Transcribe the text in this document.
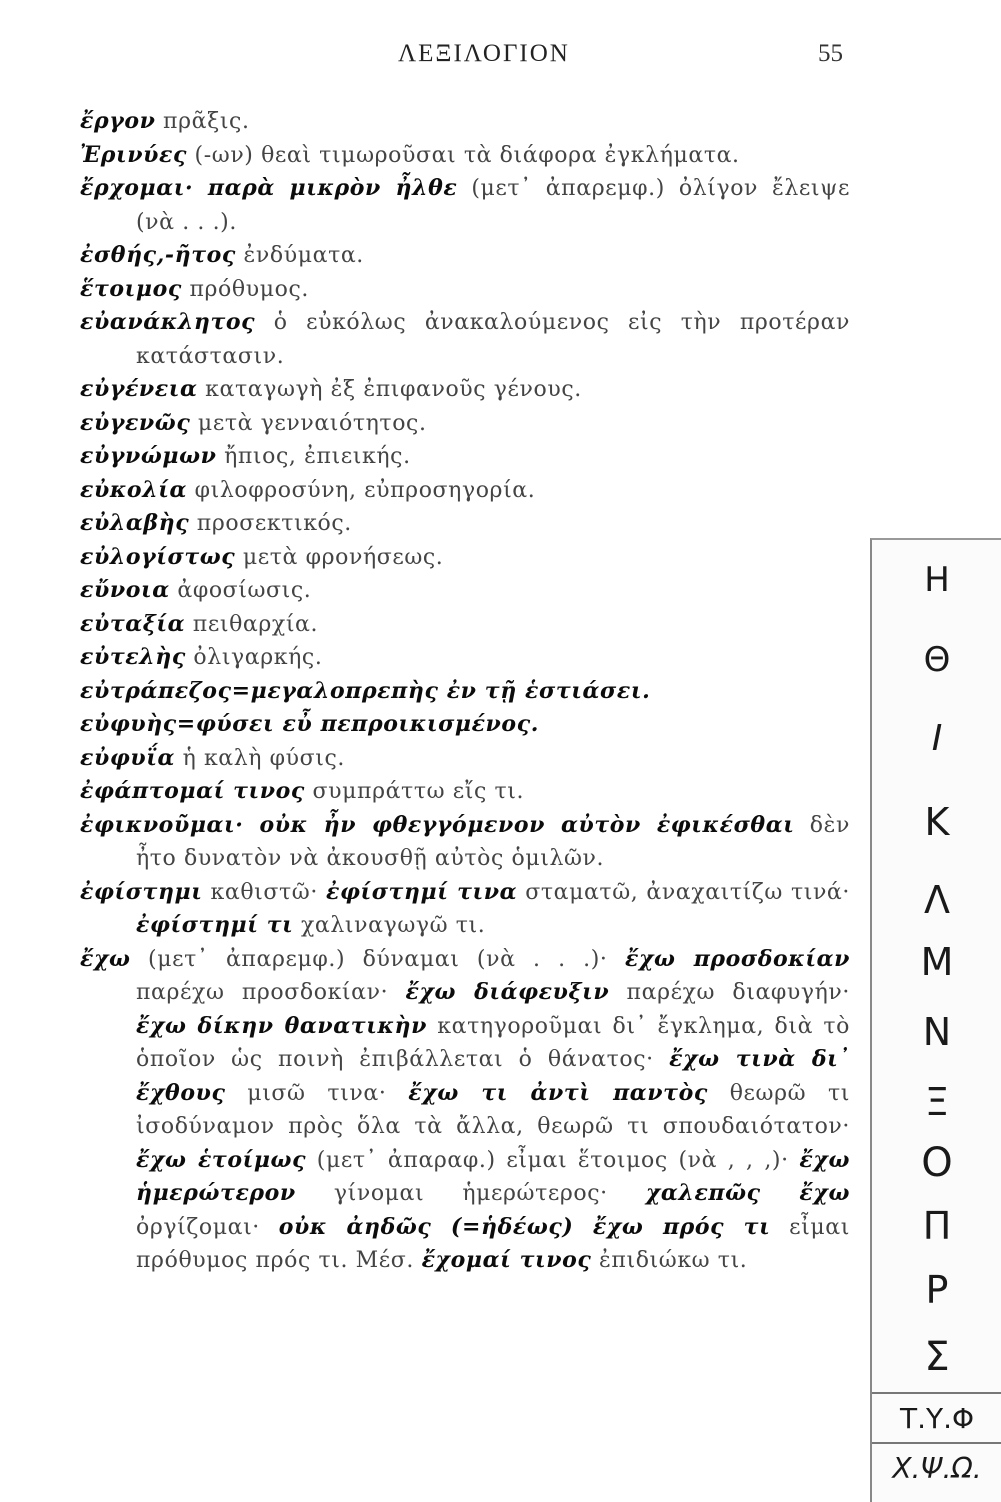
ΛΕΞΙΛΟΓΙΟΝ	55
ἔργον πρᾶξις.
Ἐρινύες (-ων) θεαὶ τιμωροῦσαι τὰ διάφορα ἐγκλήματα.
ἔρχομαι· παρὰ μικρὸν ἦλθε (μετ᾽ ἀπαρεμφ.) ὀλίγον ἔλειψε (νὰ . . .).
ἐσθής,-ῆτος ἐνδύματα.
ἕτοιμος πρόθυμος.
εὐανάκλητος ὁ εὐκόλως ἀνακαλούμενος εἰς τὴν προτέραν κατάστασιν.
εὐγένεια καταγωγὴ ἐξ ἐπιφανοῦς γένους.
εὐγενῶς μετὰ γενναιότητος.
εὐγνώμων ἤπιος, ἐπιεικής.
εὐκολία φιλοφροσύνη, εὐπροσηγορία.
εὐλαβὴς προσεκτικός.
εὐλογίστως μετὰ φρονήσεως.
εὔνοια ἀφοσίωσις.
εὐταξία πειθαρχία.
εὐτελὴς ὀλιγαρκής.
εὐτράπεζος=μεγαλοπρεπὴς ἐν τῇ ἑστιάσει.
εὐφυὴς=φύσει εὖ πεπροικισμένος.
εὐφυΐα ἡ καλὴ φύσις.
ἐφάπτομαί τινος συμπράττω εἴς τι.
ἐφικνοῦμαι· οὐκ ἦν φθεγγόμενον αὐτὸν ἐφικέσθαι δὲν ἦτο δυνατὸν νὰ ἀκουσθῇ αὐτὸς ὁμιλῶν.
ἐφίστημι καθιστῶ· ἐφίστημί τινα σταματῶ, ἀναχαιτίζω τινά· ἐφίστημί τι χαλιναγωγῶ τι.
ἔχω (μετ᾽ ἀπαρεμφ.) δύναμαι (νὰ . . .)· ἔχω προσδοκίαν παρέχω προσδοκίαν· ἔχω διάφευξιν παρέχω διαφυγήν· ἔχω δίκην θανατικὴν κατηγοροῦμαι δι᾽ ἔγκλημα, διὰ τὸ ὁποῖον ὡς ποινὴ ἐπιβάλλεται ὁ θάνατος· ἔχω τινὰ δι᾽ ἔχθους μισῶ τινα· ἔχω τι ἀντὶ παντὸς θεωρῶ τι ἰσοδύναμον πρὸς ὅλα τὰ ἄλλα, θεωρῶ τι σπουδαιότατον· ἔχω ἑτοίμως (μετ᾽ ἀπαραφ.) εἶμαι ἕτοιμος (νὰ , , ,)· ἔχω ἡμερώτερον γίνομαι ἡμερώτερος· χαλεπῶς ἔχω ὀργίζομαι· οὐκ ἀηδῶς (=ἡδέως) ἔχω πρός τι εἶμαι πρόθυμος πρός τι. Μέσ. ἔχομαί τινος ἐπιδιώκω τι.
Η
Θ
Ι
Κ
Λ
Μ
Ν
Ξ
Ο
Π
Ρ
Σ
Τ.Υ.Φ
Χ.Ψ.Ω.
